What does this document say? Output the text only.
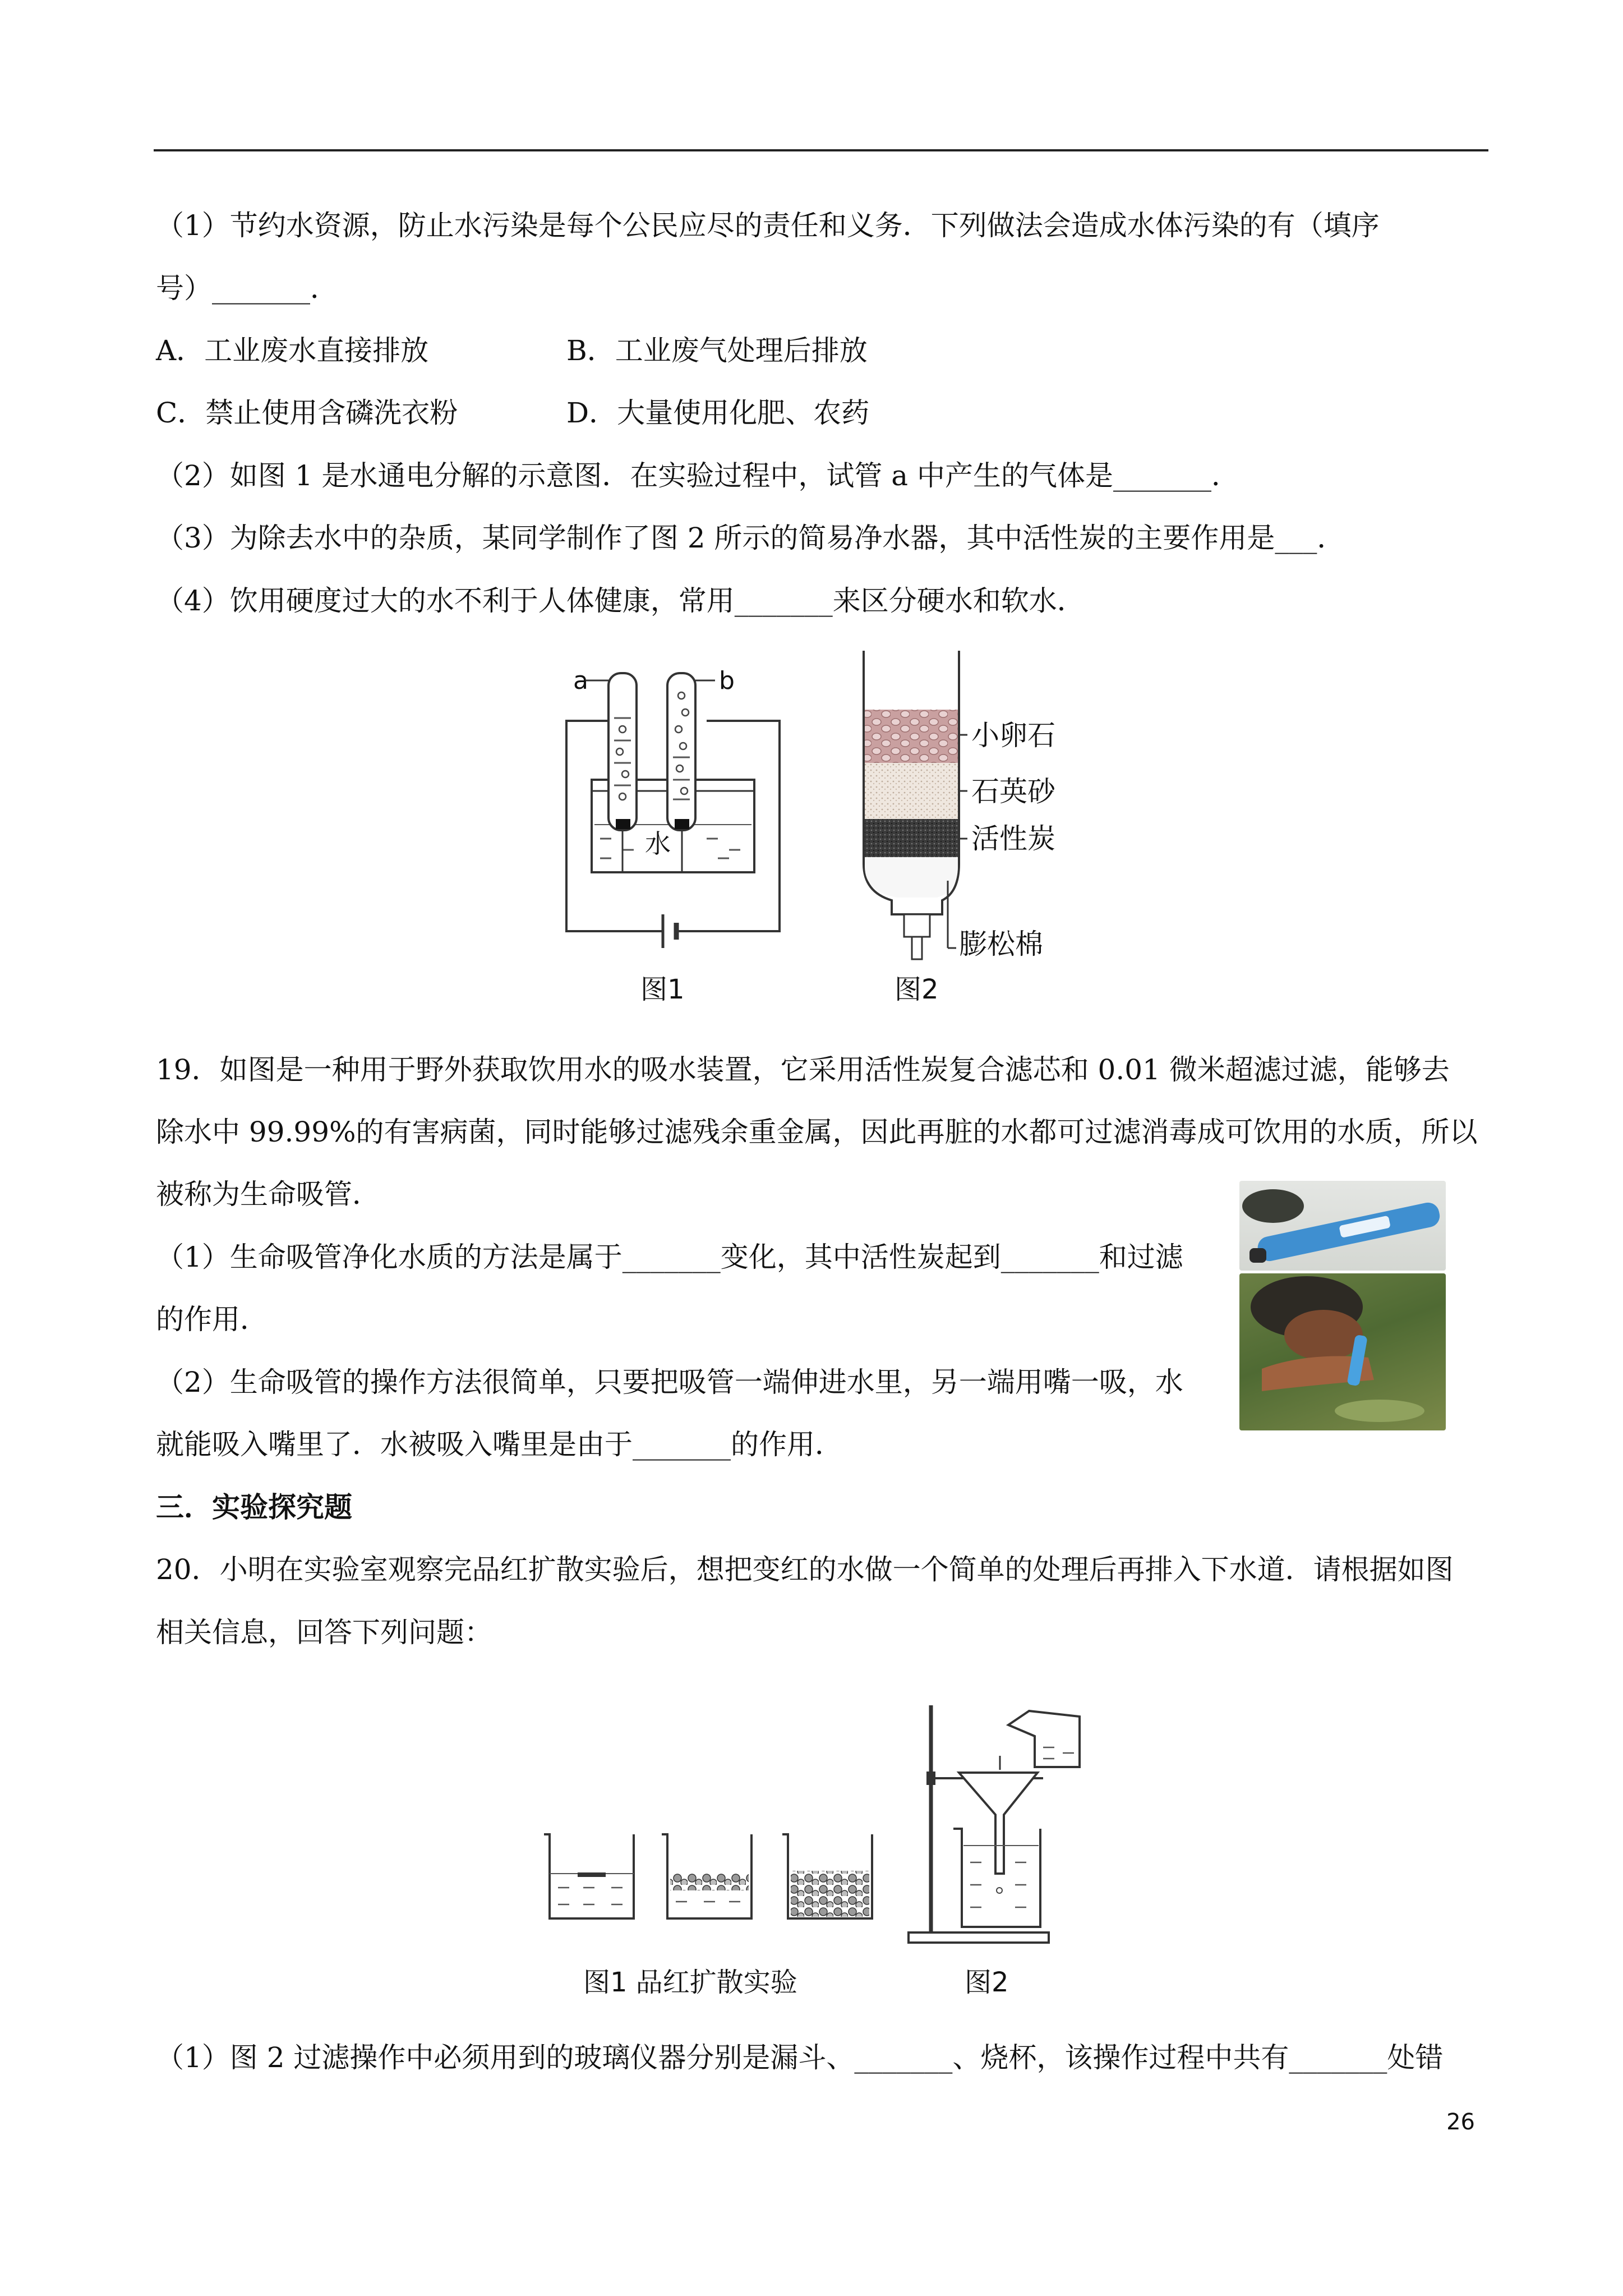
（1）节约水资源，防止水污染是每个公民应尽的责任和义务．下列做法会造成水体污染的有（填序
号）_______．
A．工业废水直接排放	B．工业废气处理后排放
C．禁止使用含磷洗衣粉	D．大量使用化肥、农药
（2）如图 1 是水通电分解的示意图．在实验过程中，试管 a 中产生的气体是_______．
（3）为除去水中的杂质，某同学制作了图 2 所示的简易净水器，其中活性炭的主要作用是___．
（4）饮用硬度过大的水不利于人体健康，常用_______来区分硬水和软水．
a	b
水
图1
小卵石
石英砂
活性炭
膨松棉
图2
19．如图是一种用于野外获取饮用水的吸水装置，它采用活性炭复合滤芯和 0.01 微米超滤过滤，能够去
除水中 99.99%的有害病菌，同时能够过滤残余重金属，因此再脏的水都可过滤消毒成可饮用的水质，所以
被称为生命吸管．
（1）生命吸管净化水质的方法是属于_______变化，其中活性炭起到_______和过滤
的作用．
（2）生命吸管的操作方法很简单，只要把吸管一端伸进水里，另一端用嘴一吸，水
就能吸入嘴里了．水被吸入嘴里是由于_______的作用．
三．实验探究题
20．小明在实验室观察完品红扩散实验后，想把变红的水做一个简单的处理后再排入下水道．请根据如图
相关信息，回答下列问题：
图1 品红扩散实验	图2
（1）图 2 过滤操作中必须用到的玻璃仪器分别是漏斗、_______、烧杯，该操作过程中共有_______处错
26
